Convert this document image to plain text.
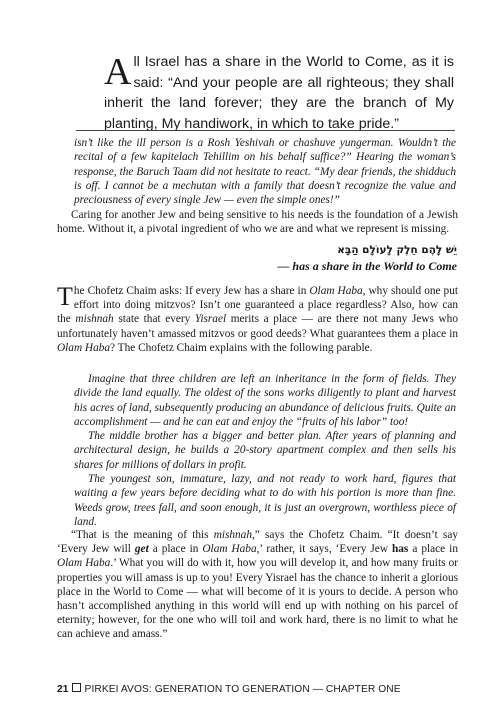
All Israel has a share in the World to Come, as it is said: “And your people are all righteous; they shall inherit the land forever; they are the branch of My planting, My handiwork, in which to take pride.”

isn’t like the ill person is a Rosh Yeshivah or chashuve yungerman. Wouldn’t the recital of a few kapitelach Tehillim on his behalf suffice?” Hearing the woman’s response, the Baruch Taam did not hesitate to react. “My dear friends, the shidduch is off. I cannot be a mechutan with a family that doesn’t recognize the value and preciousness of every single Jew — even the simple ones!”

Caring for another Jew and being sensitive to his needs is the foundation of a Jewish home. Without it, a pivotal ingredient of who we are and what we represent is missing.

יֵשׁ לָהֶם חֵלֶק לָעוֹלָם הַבָּא
— has a share in the World to Come
The Chofetz Chaim asks: If every Jew has a share in Olam Haba, why should one put effort into doing mitzvos? Isn’t one guaranteed a place regardless? Also, how can the mishnah state that every Yisrael merits a place — are there not many Jews who unfortunately haven’t amassed mitzvos or good deeds? What guarantees them a place in Olam Haba? The Chofetz Chaim explains with the following parable.

Imagine that three children are left an inheritance in the form of fields. They divide the land equally. The oldest of the sons works diligently to plant and harvest his acres of land, subsequently producing an abundance of delicious fruits. Quite an accomplishment — and he can eat and enjoy the “fruits of his labor” too!

The middle brother has a bigger and better plan. After years of planning and architectural design, he builds a 20-story apartment complex and then sells his shares for millions of dollars in profit.

The youngest son, immature, lazy, and not ready to work hard, figures that waiting a few years before deciding what to do with his portion is more than fine. Weeds grow, trees fall, and soon enough, it is just an overgrown, worthless piece of land.

“That is the meaning of this mishnah,” says the Chofetz Chaim. “It doesn’t say ‘Every Jew will get a place in Olam Haba,’ rather, it says, ‘Every Jew has a place in Olam Haba.’ What you will do with it, how you will develop it, and how many fruits or properties you will amass is up to you! Every Yisrael has the chance to inherit a glorious place in the World to Come — what will become of it is yours to decide. A person who hasn’t accomplished anything in this world will end up with nothing on his parcel of eternity; however, for the one who will toil and work hard, there is no limit to what he can achieve and amass.”
21 PIRKEI AVOS: GENERATION TO GENERATION — CHAPTER ONE
